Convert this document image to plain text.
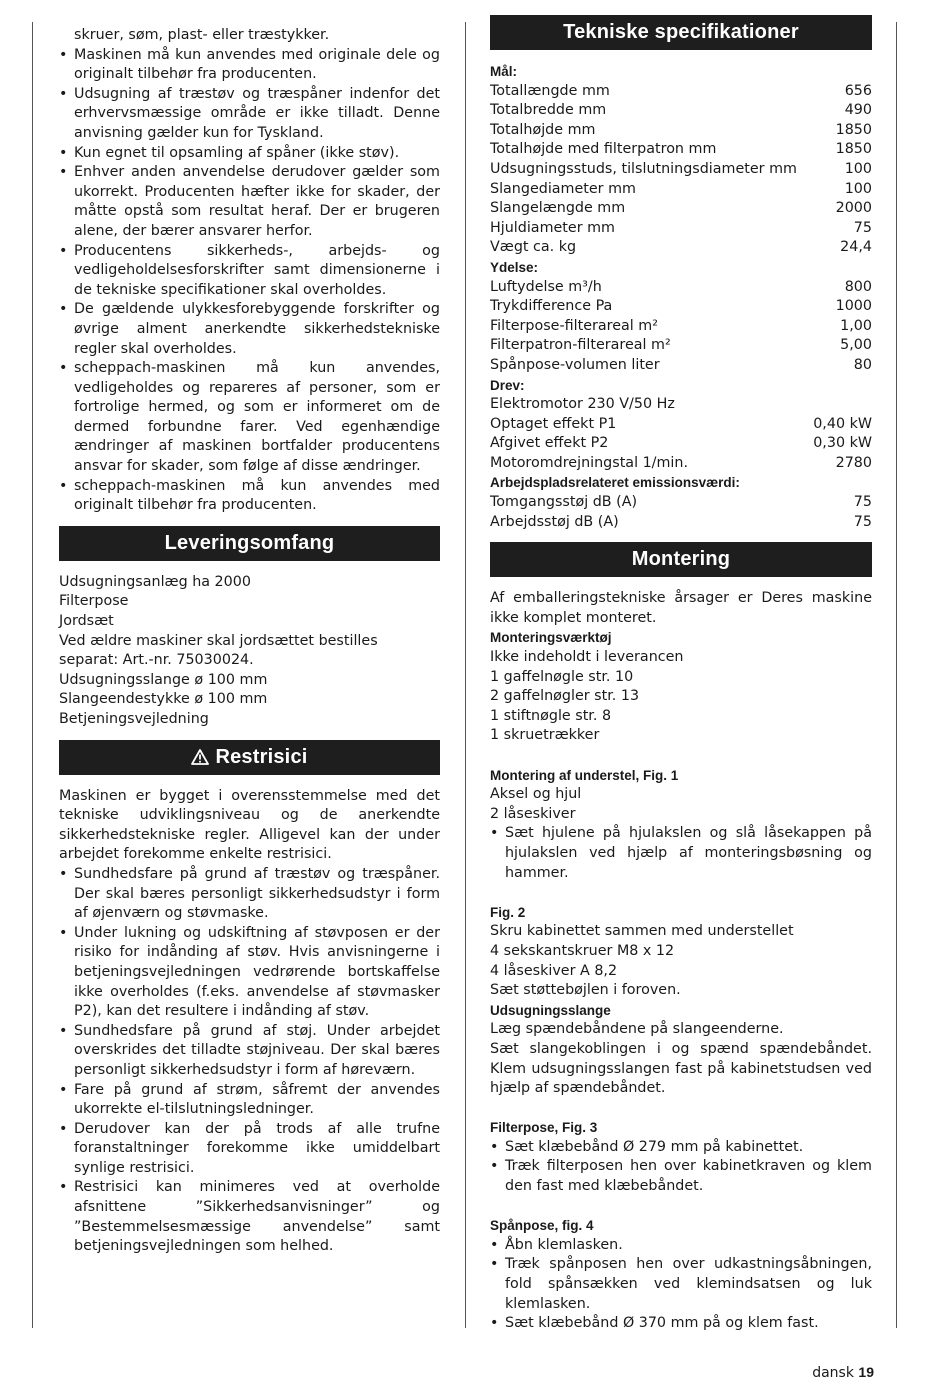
skruer, søm, plast- eller træstykker.
• Maskinen må kun anvendes med originale dele og originalt tilbehør fra producenten.
• Udsugning af træstøv og træspåner indenfor det erhvervsmæssige område er ikke tilladt. Denne anvisning gælder kun for Tyskland.
• Kun egnet til opsamling af spåner (ikke støv).
• Enhver anden anvendelse derudover gælder som ukorrekt. Producenten hæfter ikke for skader, der måtte opstå som resultat heraf. Der er brugeren alene, der bærer ansvarer herfor.
• Producentens sikkerheds-, arbejds- og vedligeholdelsesforskrifter samt dimensionerne i de tekniske specifikationer skal overholdes.
• De gældende ulykkesforebyggende forskrifter og øvrige alment anerkendte sikkerhedstekniske regler skal overholdes.
• scheppach-maskinen må kun anvendes, vedligeholdes og repareres af personer, som er fortrolige hermed, og som er informeret om de dermed forbundne farer. Ved egenhændige ændringer af maskinen bortfalder producentens ansvar for skader, som følge af disse ændringer.
• scheppach-maskinen må kun anvendes med originalt tilbehør fra producenten.
Leveringsomfang

Udsugningsanlæg ha 2000

Filterpose

Jordsæt

Ved ældre maskiner skal jordsættet bestilles separat: Art.-nr. 75030024.

Udsugningsslange ø 100 mm

Slangeendestykke ø 100 mm

Betjeningsvejledning

Restrisici

Maskinen er bygget i overensstemmelse med det tekniske udviklingsniveau og de anerkendte sikkerhedstekniske regler. Alligevel kan der under arbejdet forekomme enkelte restrisici.

• Sundhedsfare på grund af træstøv og træspåner. Der skal bæres personligt sikkerhedsudstyr i form af øjenværn og støvmaske.
• Under lukning og udskiftning af støvposen er der risiko for indånding af støv. Hvis anvisningerne i betjeningsvejledningen vedrørende bortskaffelse ikke overholdes (f.eks. anvendelse af støvmasker P2), kan det resultere i indånding af støv.
• Sundhedsfare på grund af støj. Under arbejdet overskrides det tilladte støjniveau. Der skal bæres personligt sikkerhedsudstyr i form af høreværn.
• Fare på grund af strøm, såfremt der anvendes ukorrekte el-tilslutningsledninger.
• Derudover kan der på trods af alle trufne foranstaltninger forekomme ikke umiddelbart synlige restrisici.
• Restrisici kan minimeres ved at overholde afsnittene ”Sikkerhedsanvisninger” og ”Bestemmelsesmæssige anvendelse” samt betjeningsvejledningen som helhed.
Tekniske specifikationer

Mål:

Totallængde mm	656
Totalbredde mm	490
Totalhøjde mm	1850
Totalhøjde med filterpatron mm	1850
Udsugningsstuds, tilslutningsdiameter mm	100
Slangediameter mm	100
Slangelængde mm	2000
Hjuldiameter mm	75
Vægt ca. kg	24,4

Ydelse:

Luftydelse m³/h	800
Trykdifference Pa	1000
Filterpose-filterareal m²	1,00
Filterpatron-filterareal m²	5,00
Spånpose-volumen liter	80

Drev:

Elektromotor 230 V/50 Hz
Optaget effekt P1	0,40 kW
Afgivet effekt P2	0,30 kW
Motoromdrejningstal 1/min.	2780

Arbejdspladsrelateret emissionsværdi:

Tomgangsstøj dB (A)	75
Arbejdsstøj dB (A)	75
Montering

Af emballeringstekniske årsager er Deres maskine ikke komplet monteret.

Monteringsværktøj

Ikke indeholdt i leverancen

1 gaffelnøgle str. 10

2 gaffelnøgler str. 13

1 stiftnøgle str. 8

1 skruetrækker

Montering af understel, Fig. 1

Aksel og hjul

2 låseskiver

• Sæt hjulene på hjulakslen og slå låsekappen på hjulakslen ved hjælp af monteringsbøsning og hammer.

Fig. 2

Skru kabinettet sammen med understellet

4 sekskantskruer M8 x 12

4 låseskiver A 8,2

Sæt støttebøjlen i foroven.

Udsugningsslange

Læg spændebåndene på slangeenderne.

Sæt slangekoblingen i og spænd spændebåndet. Klem udsugningsslangen fast på kabinetstudsen ved hjælp af spændebåndet.

Filterpose, Fig. 3

• Sæt klæbebånd Ø 279 mm på kabinettet.
• Træk filterposen hen over kabinetkraven og klem den fast med klæbebåndet.

Spånpose, fig. 4

• Åbn klemlasken.
• Træk spånposen hen over udkastningsåbningen, fold spånsækken ved klemindsatsen og luk klemlasken.
• Sæt klæbebånd Ø 370 mm på og klem fast.
dansk 19
